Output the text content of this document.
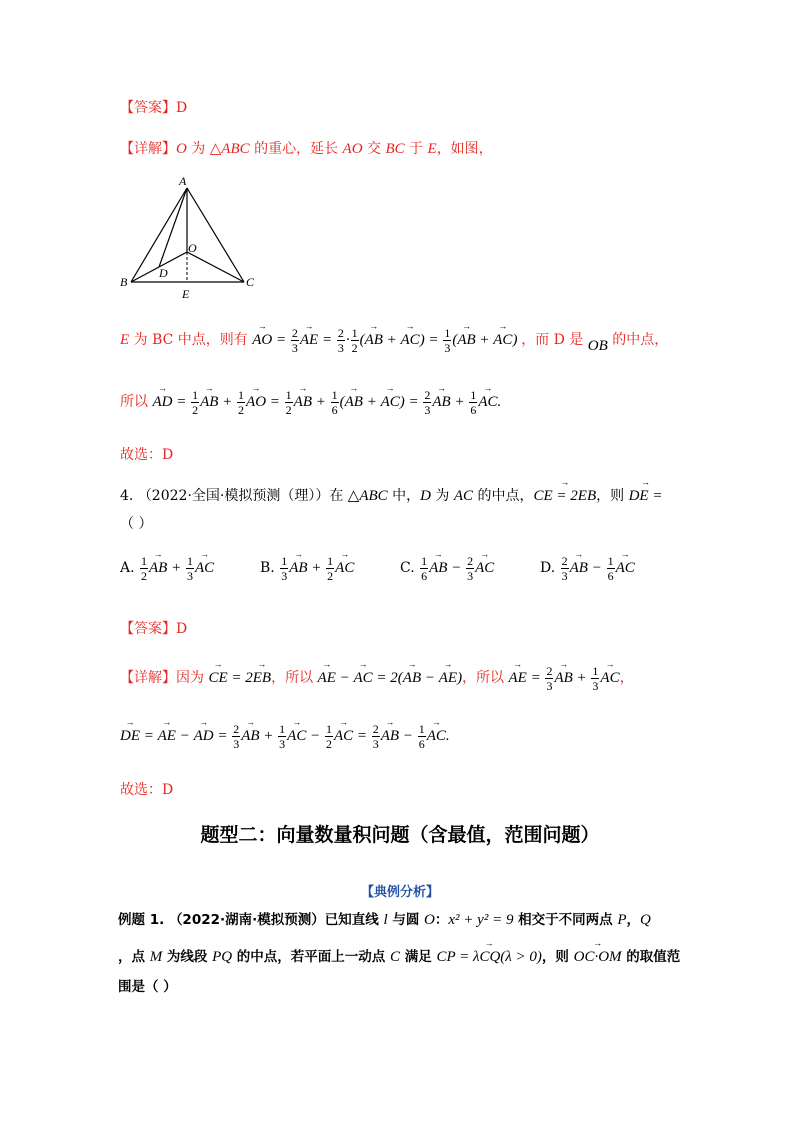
【答案】D
【详解】O 为 △ABC 的重心，延长 AO 交 BC 于 E，如图，
A
B	C
O
D
E
E 为 BC 中点，则有 → AO = $\frac{2}{3}$ → AE = $\frac{2}{3} \cdot \frac{1}{2}$ (→ AB + → $AC) = \frac{1}{3}$ (→ AB + → AC) ，而 D 是 OB 的中点，
所以 → AD = $\frac{1}{2}$ → AB + $\frac{1}{2}$ → AO = $\frac{1}{2}$ → AB + $\frac{1}{6}$ (→ AB + → $AC) = \frac{2}{3}$ → AB + $\frac{1}{6}$ → AC.
故选：D
4. （2022·全国·模拟预测（理））在 △ABC 中，D 为 AC 的中点，→ CE = 2EB，则 → DE =
（ ）
A. $\frac{1}{2}$ → AB + $\frac{1}{3}$ → AC	B. $\frac{1}{3}$ → AB + $\frac{1}{2}$ → AC	C. $\frac{1}{6}$ → AB − $\frac{2}{3}$ → AC	D. $\frac{2}{3}$ → AB − $\frac{1}{6}$ → AC
【答案】D
【详解】因为 → CE = 2→ EB，所以 → AE − → AC = 2(→ AB − → AE)，所以 → AE = $\frac{2}{3}$ → AB + $\frac{1}{3}$ → AC，
→ DE = → AE − → AD = $\frac{2}{3}$ → AB + $\frac{1}{3}$ → AC − $\frac{1}{2}$ → AC = $\frac{2}{3}$ → AB − $\frac{1}{6}$ → AC.
故选：D
题型二：向量数量积问题（含最值，范围问题）
【典例分析】
例题 1. （2022·湖南·模拟预测）已知直线 l 与圆 O：x² + y² = 9 相交于不同两点 P，Q
，点 M 为线段 PQ 的中点，若平面上一动点 C 满足 → CP = λCQ(λ > 0)，则 → OC·OM 的取值范
围是（ ）
